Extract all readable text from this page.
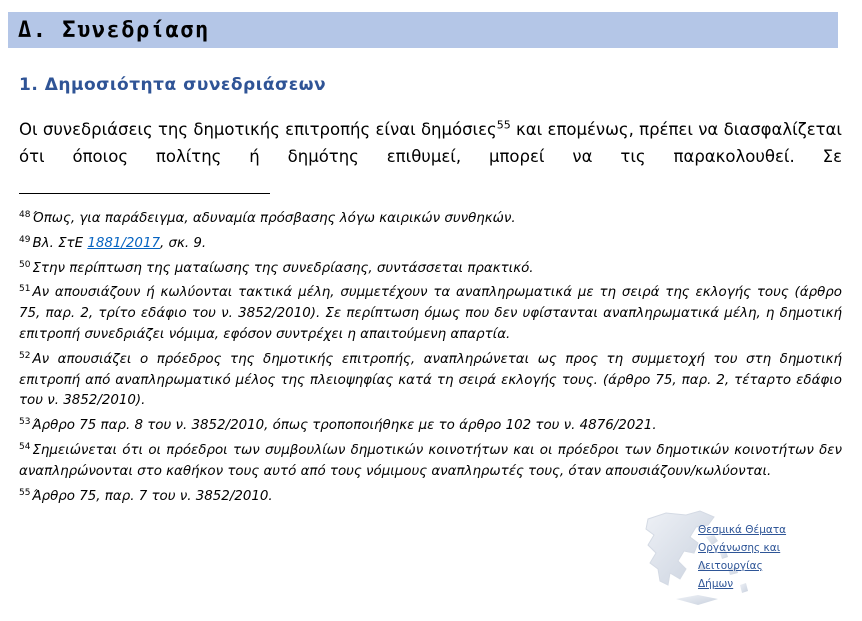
Δ. Συνεδρίαση
1. Δημοσιότητα συνεδριάσεων

Οι συνεδριάσεις της δημοτικής επιτροπής είναι δημόσιες$^{55}$ και επομένως, πρέπει να διασφαλίζεται ότι όποιος πολίτης ή δημότης επιθυμεί, μπορεί να τις παρακολουθεί. Σε

$^{48}$ Όπως, για παράδειγμα, αδυναμία πρόσβασης λόγω καιρικών συνθηκών.
$^{49}$ Βλ. ΣτΕ 1881/2017, σκ. 9.
$^{50}$ Στην περίπτωση της ματαίωσης της συνεδρίασης, συντάσσεται πρακτικό.
$^{51}$ Αν απουσιάζουν ή κωλύονται τακτικά μέλη, συμμετέχουν τα αναπληρωματικά με τη σειρά της εκλογής τους (άρθρο 75, παρ. 2, τρίτο εδάφιο του ν. 3852/2010). Σε περίπτωση όμως που δεν υφίστανται αναπληρωματικά μέλη, η δημοτική επιτροπή συνεδριάζει νόμιμα, εφόσον συντρέχει η απαιτούμενη απαρτία.
$^{52}$ Αν απουσιάζει ο πρόεδρος της δημοτικής επιτροπής, αναπληρώνεται ως προς τη συμμετοχή του στη δημοτική επιτροπή από αναπληρωματικό μέλος της πλειοψηφίας κατά τη σειρά εκλογής τους. (άρθρο 75, παρ. 2, τέταρτο εδάφιο του ν. 3852/2010).
$^{53}$ Άρθρο 75 παρ. 8 του ν. 3852/2010, όπως τροποποιήθηκε με το άρθρο 102 του ν. 4876/2021.
$^{54}$ Σημειώνεται ότι οι πρόεδροι των συμβουλίων δημοτικών κοινοτήτων και οι πρόεδροι των δημοτικών κοινοτήτων δεν αναπληρώνονται στο καθήκον τους αυτό από τους νόμιμους αναπληρωτές τους, όταν απουσιάζουν/κωλύονται.
$^{55}$ Άρθρο 75, παρ. 7 του ν. 3852/2010.

Θεσμικά Θέματα
Οργάνωσης και
Λειτουργίας
Δήμων
